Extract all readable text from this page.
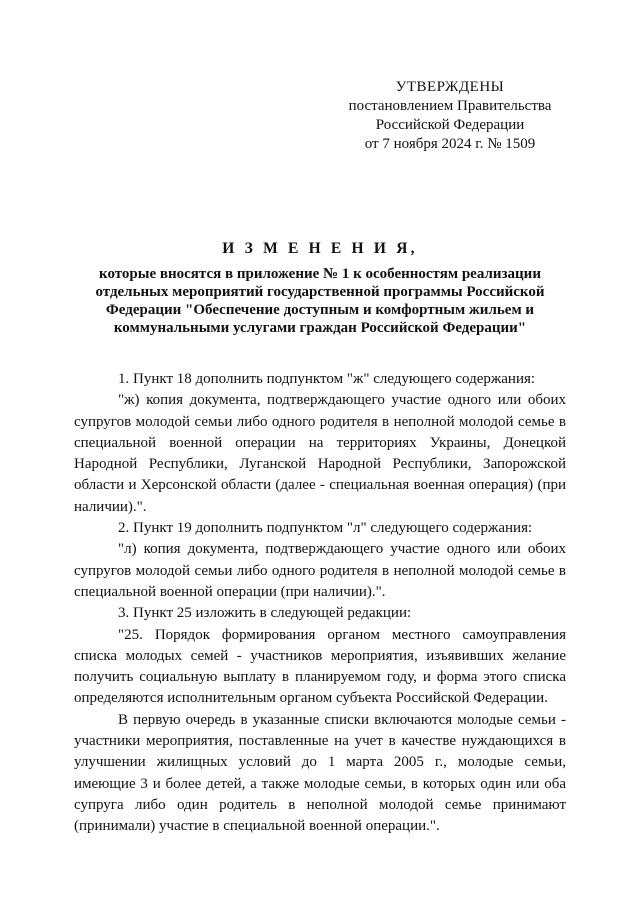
УТВЕРЖДЕНЫ
постановлением Правительства
Российской Федерации
от 7 ноября 2024 г. № 1509
И З М Е Н Е Н И Я,
которые вносятся в приложение № 1 к особенностям реализации отдельных мероприятий государственной программы Российской Федерации "Обеспечение доступным и комфортным жильем и коммунальными услугами граждан Российской Федерации"

1. Пункт 18 дополнить подпунктом "ж" следующего содержания:

"ж) копия документа, подтверждающего участие одного или обоих супругов молодой семьи либо одного родителя в неполной молодой семье в специальной военной операции на территориях Украины, Донецкой Народной Республики, Луганской Народной Республики, Запорожской области и Херсонской области (далее - специальная военная операция) (при наличии).".

2. Пункт 19 дополнить подпунктом "л" следующего содержания:

"л) копия документа, подтверждающего участие одного или обоих супругов молодой семьи либо одного родителя в неполной молодой семье в специальной военной операции (при наличии).".

3. Пункт 25 изложить в следующей редакции:

"25. Порядок формирования органом местного самоуправления списка молодых семей - участников мероприятия, изъявивших желание получить социальную выплату в планируемом году, и форма этого списка определяются исполнительным органом субъекта Российской Федерации.

В первую очередь в указанные списки включаются молодые семьи - участники мероприятия, поставленные на учет в качестве нуждающихся в улучшении жилищных условий до 1 марта 2005 г., молодые семьи, имеющие 3 и более детей, а также молодые семьи, в которых один или оба супруга либо один родитель в неполной молодой семье принимают (принимали) участие в специальной военной операции.".
